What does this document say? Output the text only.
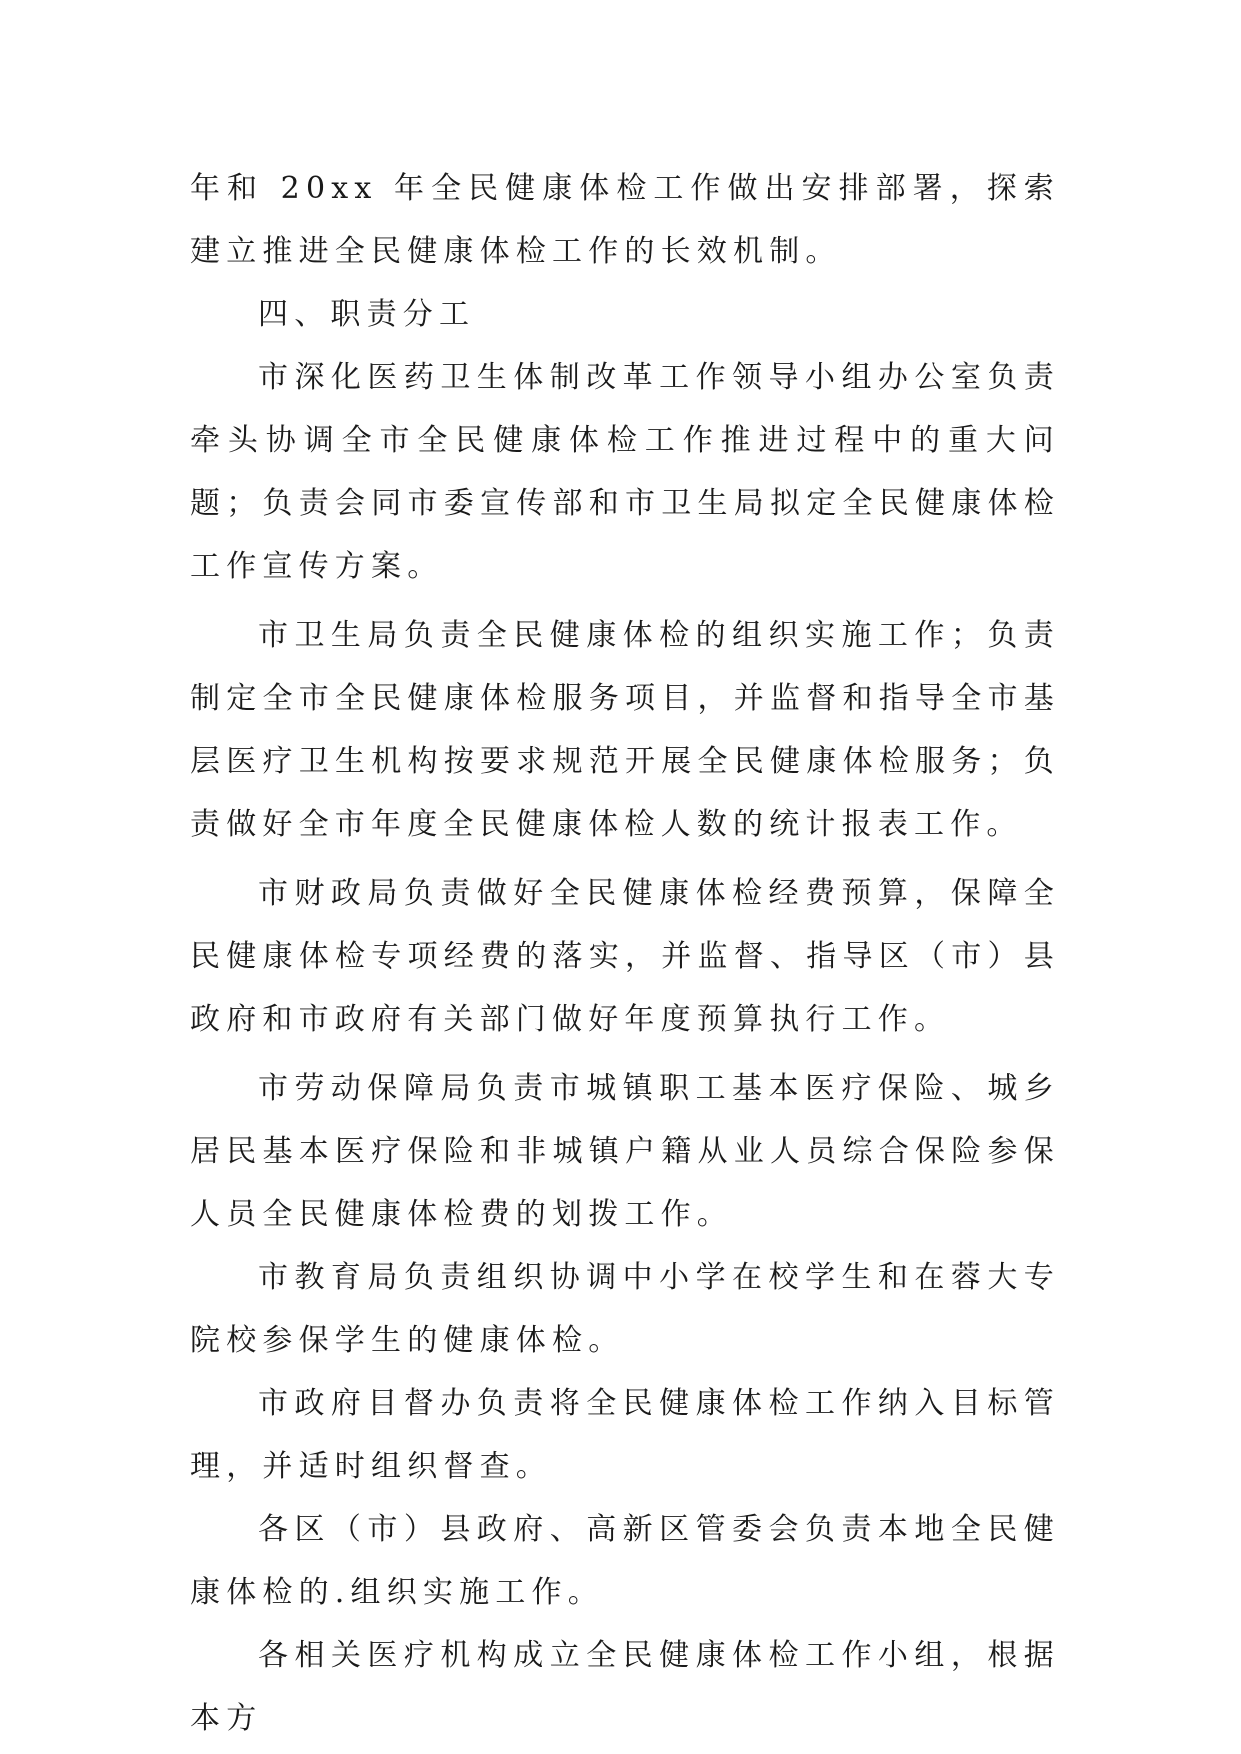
年和 20xx 年全民健康体检工作做出安排部署，探索建立推进全民健康体检工作的长效机制。

四、职责分工

市深化医药卫生体制改革工作领导小组办公室负责牵头协调全市全民健康体检工作推进过程中的重大问题；负责会同市委宣传部和市卫生局拟定全民健康体检工作宣传方案。

市卫生局负责全民健康体检的组织实施工作；负责制定全市全民健康体检服务项目，并监督和指导全市基层医疗卫生机构按要求规范开展全民健康体检服务；负责做好全市年度全民健康体检人数的统计报表工作。

市财政局负责做好全民健康体检经费预算，保障全民健康体检专项经费的落实，并监督、指导区（市）县政府和市政府有关部门做好年度预算执行工作。

市劳动保障局负责市城镇职工基本医疗保险、城乡居民基本医疗保险和非城镇户籍从业人员综合保险参保人员全民健康体检费的划拨工作。

市教育局负责组织协调中小学在校学生和在蓉大专院校参保学生的健康体检。

市政府目督办负责将全民健康体检工作纳入目标管理，并适时组织督查。

各区（市）县政府、高新区管委会负责本地全民健康体检的.组织实施工作。

各相关医疗机构成立全民健康体检工作小组，根据本方
